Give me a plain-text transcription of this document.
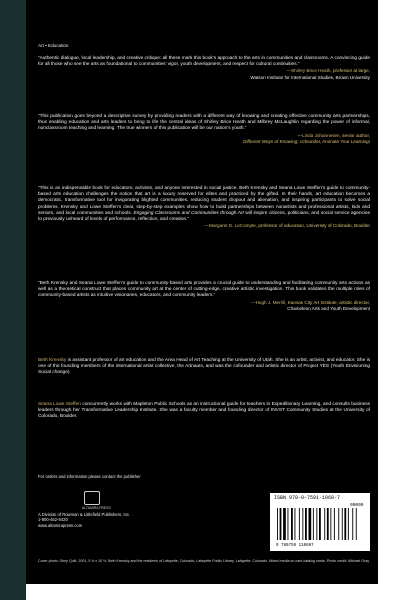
Art • Education

“Authentic dialogue, local leadership, and creative critique: all these mark this book’s approach to the arts in communities and classrooms. A convincing guide for all those who see the arts as foundational to communities’ vigor, youth development, and respect for cultural continuities.”

—Shirley Brice Heath, professor at large,
Watson Institute for International Studies, Brown University

“This publication goes beyond a descriptive survey by providing readers with a different way of knowing and creating effective community arts partnerships, thus enabling education and arts leaders to bring to life the central ideas of Shirley Brice Heath and Milbrey McLaughlin regarding the power of informal, nonclassroom teaching and learning. The true winners of this publication will be our nation’s youth.”

—Linda Johannesen, senior author,
Different Ways of Knowing; cofounder, Animate Your Learning!

“This is an indispensable book for educators, activists, and anyone interested in social justice. Beth Krensky and Seana Lowe Steffen’s guide to community-based arts education challenges the notion that art is a luxury reserved for elites and practiced by the gifted. In their hands, art education becomes a democratic, transformative tool for invigorating blighted communities, reducing student dropout and alienation, and inspiring participants to solve social problems. Krensky and Lowe Steffen’s clear, step-by-step examples show how to build partnerships between nonartists and professional artists, kids and seniors, and local communities and schools. Engaging Classrooms and Communities through Art will inspire citizens, politicians, and social service agencies to previously unheard of levels of performance, reflection, and creation.”

—Margaret D. LeCompte, professor of education, University of Colorado, Boulder

“Beth Krensky and Seana Lowe Steffen’s guide to community-based arts provides a crucial guide to understanding and facilitating community arts actions as well as a theoretical construct that places community art at the center of cutting-edge, creative artistic investigation. This book validates the multiple roles of community-based artists as intuitive visionaries, educators, and community leaders.”

—Hugh J. Merrill, Kansas City Art Institute; artistic director,
Chameleon Arts and Youth Development
Beth Krensky is assistant professor of art education and the Area Head of Art Teaching at the University of Utah. She is an artist, activist, and educator. She is one of the founding members of the international artist collective, the Artnauts, and was the cofounder and artistic director of Project YES (Youth Envisioning Social change).
Seana Lowe Steffen concurrently works with Mapleton Public Schools as an instructional guide for teachers in Expeditionary Learning, and consults business leaders through her Transformative Leadership Institute. She was a faculty member and founding director of INVST Community Studies at the University of Colorado, Boulder.
For orders and information please contact the publisher
ALTAMIRA PRESS
A Division of Rowman & Littlefield Publishers, Inc.
1-800-462-6420
www.altamirapress.com
ISBN 978-0-7591-1068-7
90000
9 780759 110687
Cover photo: Story Quilt, 2001, 5 ½ x 10 ½, Beth Krensky and the residents of Lafayette, Colorado, Lafayette Public Library, Lafayette, Colorado. Mixed media on card catalog cards. Photo credit: Michael Gray
